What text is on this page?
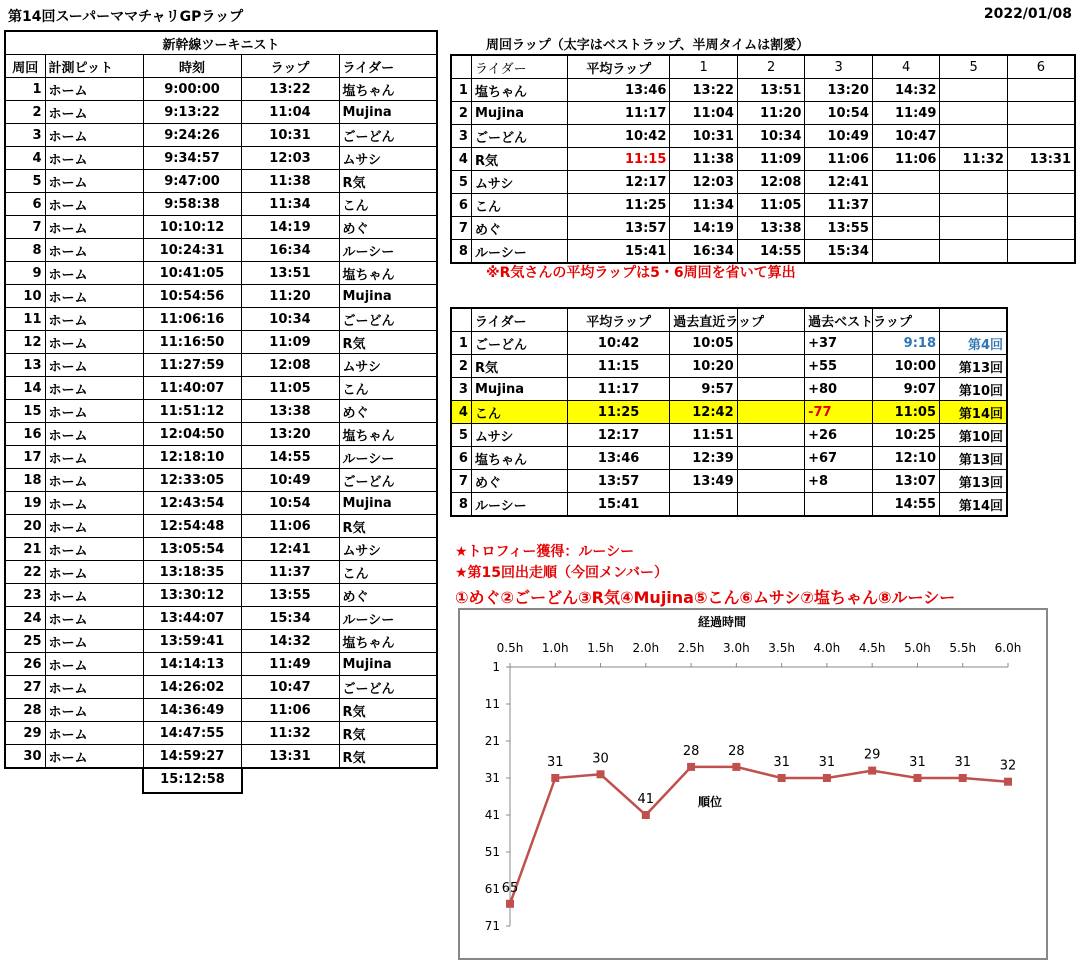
第14回スーパーママチャリGPラップ	2022/01/08
新幹線ツーキニスト				
周回	計測ピット	時刻	ラップ	ライダー
1	ホーム	9:00:00	13:22	塩ちゃん
2	ホーム	9:13:22	11:04	Mujina
3	ホーム	9:24:26	10:31	ごーどん
4	ホーム	9:34:57	12:03	ムサシ
5	ホーム	9:47:00	11:38	R気
6	ホーム	9:58:38	11:34	こん
7	ホーム	10:10:12	14:19	めぐ
8	ホーム	10:24:31	16:34	ルーシー
9	ホーム	10:41:05	13:51	塩ちゃん
10	ホーム	10:54:56	11:20	Mujina
11	ホーム	11:06:16	10:34	ごーどん
12	ホーム	11:16:50	11:09	R気
13	ホーム	11:27:59	12:08	ムサシ
14	ホーム	11:40:07	11:05	こん
15	ホーム	11:51:12	13:38	めぐ
16	ホーム	12:04:50	13:20	塩ちゃん
17	ホーム	12:18:10	14:55	ルーシー
18	ホーム	12:33:05	10:49	ごーどん
19	ホーム	12:43:54	10:54	Mujina
20	ホーム	12:54:48	11:06	R気
21	ホーム	13:05:54	12:41	ムサシ
22	ホーム	13:18:35	11:37	こん
23	ホーム	13:30:12	13:55	めぐ
24	ホーム	13:44:07	15:34	ルーシー
25	ホーム	13:59:41	14:32	塩ちゃん
26	ホーム	14:14:13	11:49	Mujina
27	ホーム	14:26:02	10:47	ごーどん
28	ホーム	14:36:49	11:06	R気
29	ホーム	14:47:55	11:32	R気
30	ホーム	14:59:27	13:31	R気
15:12:58
周回ラップ（太字はベストラップ、半周タイムは割愛）
	ライダー	平均ラップ	1	2	3	4	5	6
1	塩ちゃん	13:46	13:22	13:51	13:20	14:32		
2	Mujina	11:17	11:04	11:20	10:54	11:49		
3	ごーどん	10:42	10:31	10:34	10:49	10:47		
4	R気	11:15	11:38	11:09	11:06	11:06	11:32	13:31
5	ムサシ	12:17	12:03	12:08	12:41			
6	こん	11:25	11:34	11:05	11:37			
7	めぐ	13:57	14:19	13:38	13:55			
8	ルーシー	15:41	16:34	14:55	15:34			
※R気さんの平均ラップは5・6周回を省いて算出
	ライダー	平均ラップ	過去直近ラップ		過去ベストラップ		
1	ごーどん	10:42	10:05		+37	9:18	第4回
2	R気	11:15	10:20		+55	10:00	第13回
3	Mujina	11:17	9:57		+80	9:07	第10回
4	こん	11:25	12:42		-77	11:05	第14回
5	ムサシ	12:17	11:51		+26	10:25	第10回
6	塩ちゃん	13:46	12:39		+67	12:10	第13回
7	めぐ	13:57	13:49		+8	13:07	第13回
8	ルーシー	15:41				14:55	第14回
★トロフィー獲得：ルーシー
★第15回出走順（今回メンバー）
①めぐ②ごーどん③R気④Mujina⑤こん⑥ムサシ⑦塩ちゃん⑧ルーシー
経過時間
0.5h 1.0h 1.5h 2.0h 2.5h 3.0h 3.5h 4.0h 4.5h 5.0h 5.5h 6.0h
1
11
21
31
41
51
61
71
65
31 30
41
28 28
31 31 29 31 31 32
順位
